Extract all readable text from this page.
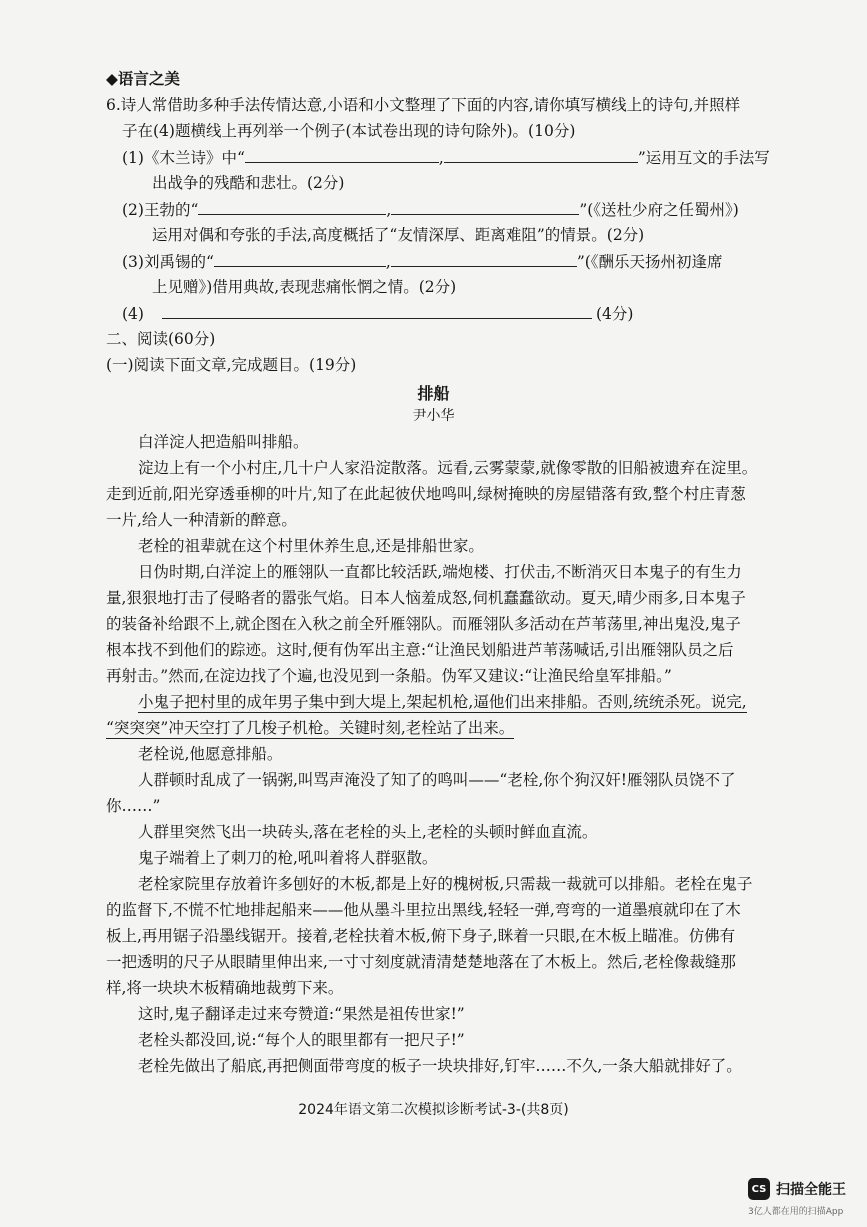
◆语言之美
6.诗人常借助多种手法传情达意,小语和小文整理了下面的内容,请你填写横线上的诗句,并照样
子在(4)题横线上再列举一个例子(本试卷出现的诗句除外)。(10分)
(1)《木兰诗》中“	,	”运用互文的手法写
出战争的残酷和悲壮。(2分)
(2)王勃的“	,	”(《送杜少府之任蜀州》)
运用对偶和夸张的手法,高度概括了“友情深厚、距离难阻”的情景。(2分)
(3)刘禹锡的“	,	”(《酬乐天扬州初逢席
上见赠》)借用典故,表现悲痛怅惘之情。(2分)
(4)	(4分)
二、阅读(60分)
(一)阅读下面文章,完成题目。(19分)
排船
尹小华
白洋淀人把造船叫排船。
淀边上有一个小村庄,几十户人家沿淀散落。远看,云雾蒙蒙,就像零散的旧船被遗弃在淀里。
走到近前,阳光穿透垂柳的叶片,知了在此起彼伏地鸣叫,绿树掩映的房屋错落有致,整个村庄青葱
一片,给人一种清新的醉意。
老栓的祖辈就在这个村里休养生息,还是排船世家。
日伪时期,白洋淀上的雁翎队一直都比较活跃,端炮楼、打伏击,不断消灭日本鬼子的有生力
量,狠狠地打击了侵略者的嚣张气焰。日本人恼羞成怒,伺机蠢蠢欲动。夏天,晴少雨多,日本鬼子
的装备补给跟不上,就企图在入秋之前全歼雁翎队。而雁翎队多活动在芦苇荡里,神出鬼没,鬼子
根本找不到他们的踪迹。这时,便有伪军出主意:“让渔民划船进芦苇荡喊话,引出雁翎队员之后
再射击。”然而,在淀边找了个遍,也没见到一条船。伪军又建议:“让渔民给皇军排船。”
小鬼子把村里的成年男子集中到大堤上,架起机枪,逼他们出来排船。否则,统统杀死。说完,
“突突突”冲天空打了几梭子机枪。关键时刻,老栓站了出来。
老栓说,他愿意排船。
人群顿时乱成了一锅粥,叫骂声淹没了知了的鸣叫——“老栓,你个狗汉奸!雁翎队员饶不了
你……”
人群里突然飞出一块砖头,落在老栓的头上,老栓的头顿时鲜血直流。
鬼子端着上了刺刀的枪,吼叫着将人群驱散。
老栓家院里存放着许多刨好的木板,都是上好的槐树板,只需裁一裁就可以排船。老栓在鬼子
的监督下,不慌不忙地排起船来——他从墨斗里拉出黑线,轻轻一弹,弯弯的一道墨痕就印在了木
板上,再用锯子沿墨线锯开。接着,老栓扶着木板,俯下身子,眯着一只眼,在木板上瞄准。仿佛有
一把透明的尺子从眼睛里伸出来,一寸寸刻度就清清楚楚地落在了木板上。然后,老栓像裁缝那
样,将一块块木板精确地裁剪下来。
这时,鬼子翻译走过来夸赞道:“果然是祖传世家!”
老栓头都没回,说:“每个人的眼里都有一把尺子!”
老栓先做出了船底,再把侧面带弯度的板子一块块排好,钉牢……不久,一条大船就排好了。
2024年语文第二次模拟诊断考试-3-(共8页)
CS 扫描全能王
3亿人都在用的扫描App
